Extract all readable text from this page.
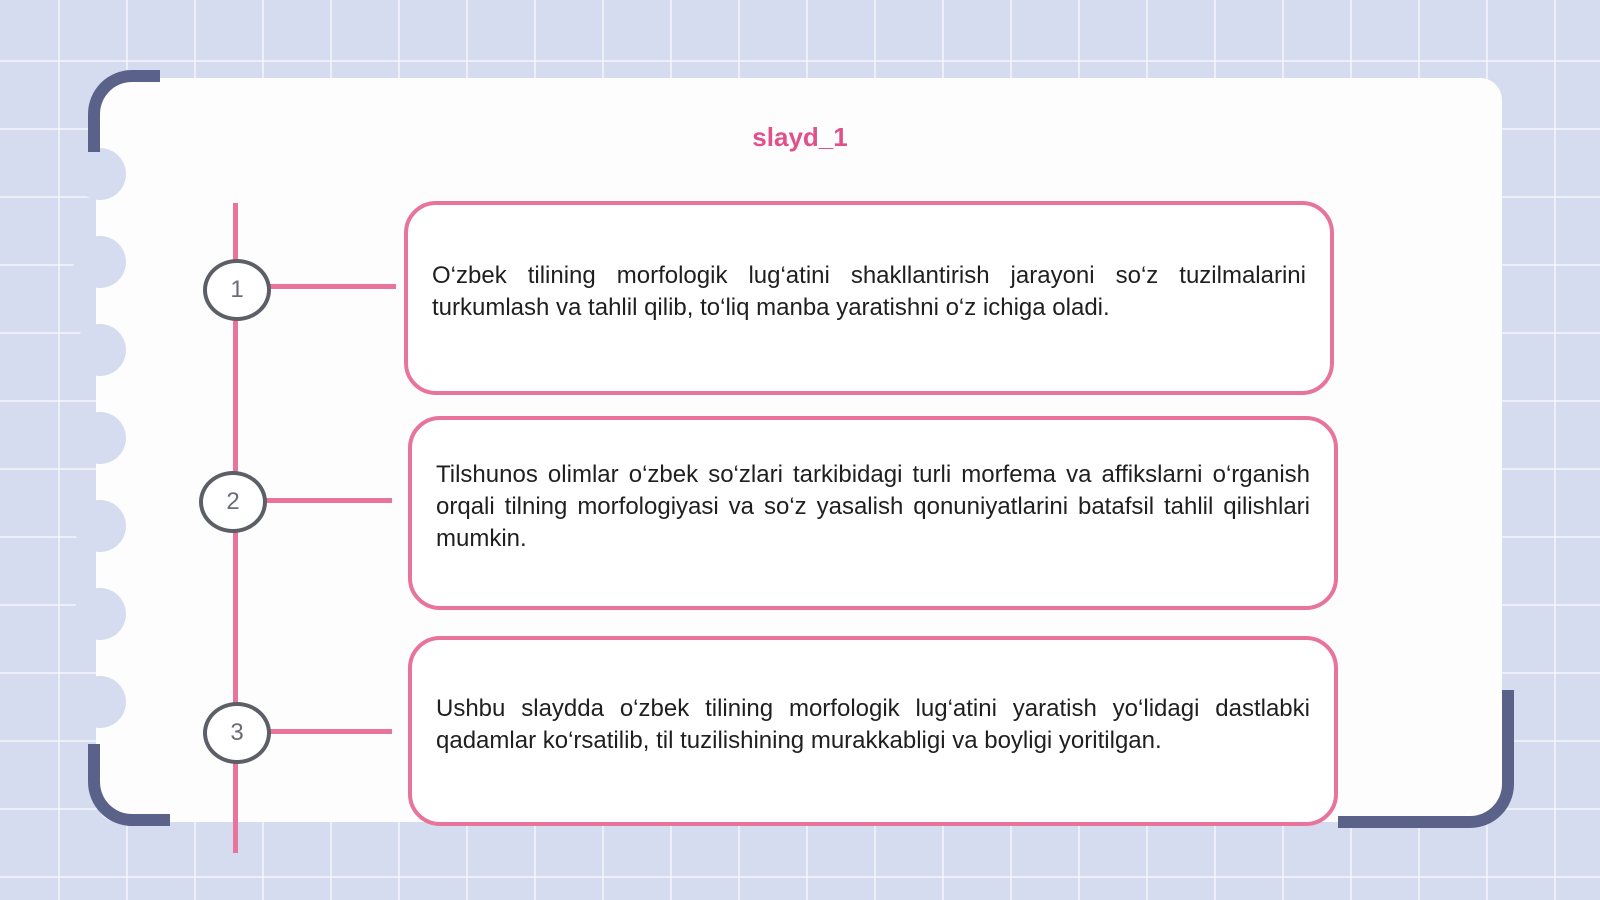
slayd_1
1
2
3

O‘zbek tilining morfologik lug‘atini shakllantirish jarayoni so‘z tuzilmalarini turkumlash va tahlil qilib, to‘liq manba yaratishni o‘z ichiga oladi.

Tilshunos olimlar o‘zbek so‘zlari tarkibidagi turli morfema va affikslarni o‘rganish orqali tilning morfologiyasi va so‘z yasalish qonuniyatlarini batafsil tahlil qilishlari mumkin.

Ushbu slaydda o‘zbek tilining morfologik lug‘atini yaratish yo‘lidagi dastlabki qadamlar ko‘rsatilib, til tuzilishining murakkabligi va boyligi yoritilgan.
